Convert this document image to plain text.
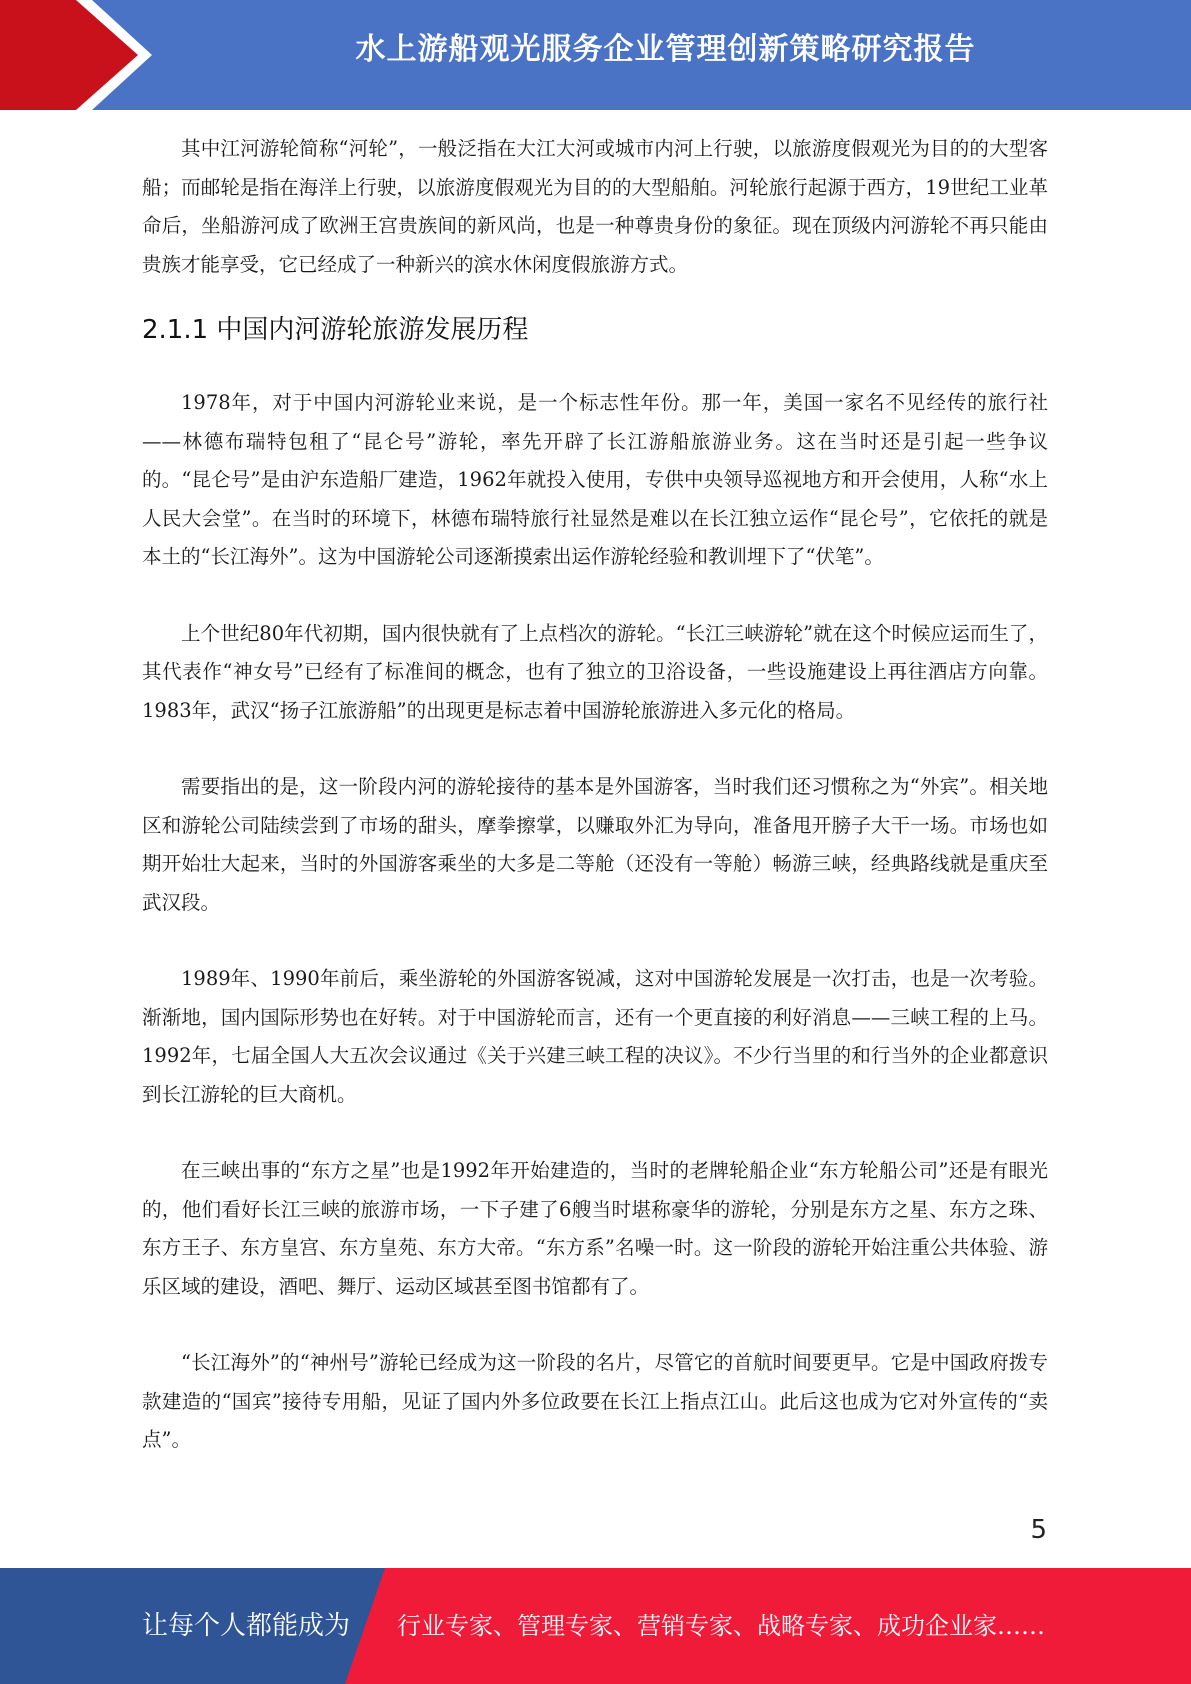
水上游船观光服务企业管理创新策略研究报告

其中江河游轮简称“河轮”，一般泛指在大江大河或城市内河上行驶，以旅游度假观光为目的的大型客船；而邮轮是指在海洋上行驶，以旅游度假观光为目的的大型船舶。河轮旅行起源于西方，19世纪工业革命后，坐船游河成了欧洲王宫贵族间的新风尚，也是一种尊贵身份的象征。现在顶级内河游轮不再只能由贵族才能享受，它已经成了一种新兴的滨水休闲度假旅游方式。

2.1.1 中国内河游轮旅游发展历程

1978年，对于中国内河游轮业来说，是一个标志性年份。那一年，美国一家名不见经传的旅行社——林德布瑞特包租了“昆仑号”游轮，率先开辟了长江游船旅游业务。这在当时还是引起一些争议的。“昆仑号”是由沪东造船厂建造，1962年就投入使用，专供中央领导巡视地方和开会使用，人称“水上人民大会堂”。在当时的环境下，林德布瑞特旅行社显然是难以在长江独立运作“昆仑号”，它依托的就是本土的“长江海外”。这为中国游轮公司逐渐摸索出运作游轮经验和教训埋下了“伏笔”。

上个世纪80年代初期，国内很快就有了上点档次的游轮。“长江三峡游轮”就在这个时候应运而生了，其代表作“神女号”已经有了标准间的概念，也有了独立的卫浴设备，一些设施建设上再往酒店方向靠。1983年，武汉“扬子江旅游船”的出现更是标志着中国游轮旅游进入多元化的格局。

需要指出的是，这一阶段内河的游轮接待的基本是外国游客，当时我们还习惯称之为“外宾”。相关地区和游轮公司陆续尝到了市场的甜头，摩拳擦掌，以赚取外汇为导向，准备甩开膀子大干一场。市场也如期开始壮大起来，当时的外国游客乘坐的大多是二等舱（还没有一等舱）畅游三峡，经典路线就是重庆至武汉段。

1989年、1990年前后，乘坐游轮的外国游客锐减，这对中国游轮发展是一次打击，也是一次考验。渐渐地，国内国际形势也在好转。对于中国游轮而言，还有一个更直接的利好消息——三峡工程的上马。1992年，七届全国人大五次会议通过《关于兴建三峡工程的决议》。不少行当里的和行当外的企业都意识到长江游轮的巨大商机。

在三峡出事的“东方之星”也是1992年开始建造的，当时的老牌轮船企业“东方轮船公司”还是有眼光的，他们看好长江三峡的旅游市场，一下子建了6艘当时堪称豪华的游轮，分别是东方之星、东方之珠、东方王子、东方皇宫、东方皇苑、东方大帝。“东方系”名噪一时。这一阶段的游轮开始注重公共体验、游乐区域的建设，酒吧、舞厅、运动区域甚至图书馆都有了。

“长江海外”的“神州号”游轮已经成为这一阶段的名片，尽管它的首航时间要更早。它是中国政府拨专款建造的“国宾”接待专用船，见证了国内外多位政要在长江上指点江山。此后这也成为它对外宣传的“卖点”。

5
让每个人都能成为 行业专家、管理专家、营销专家、战略专家、成功企业家……
